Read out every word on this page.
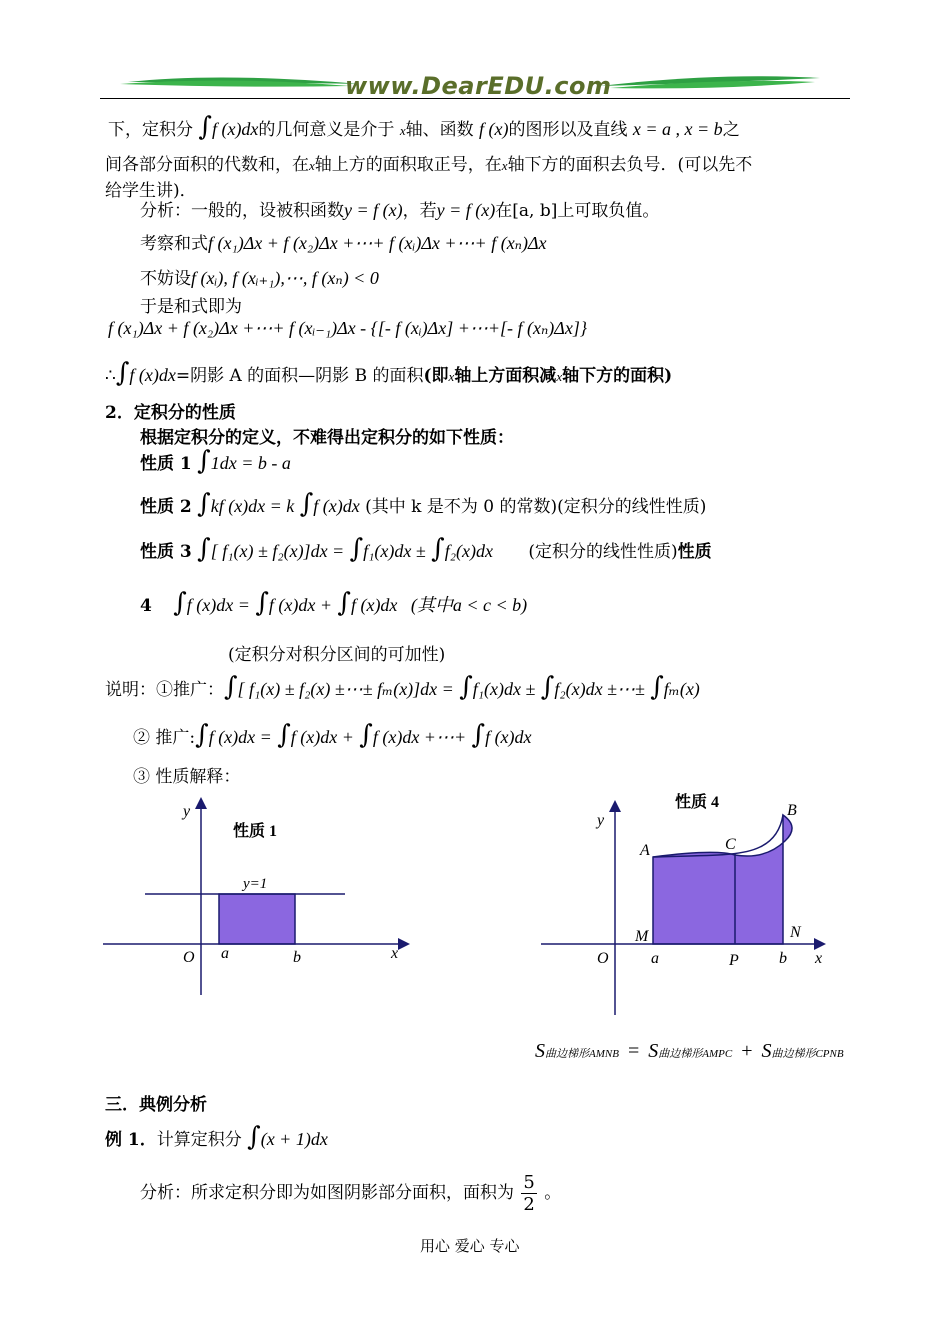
www.DearEDU.com
下，定积分 ∫f (x)dx的几何意义是介于 x轴、函数 f (x)的图形以及直线 x = a , x = b之
间各部分面积的代数和，在x轴上方的面积取正号，在x轴下方的面积去负号．(可以先不
给学生讲)．
分析：一般的，设被积函数y = f (x)，若y = f (x)在[a, b]上可取负值。
考察和式f (x₁)Δx + f (x₂)Δx +⋯+ f (xᵢ)Δx +⋯+ f (xₙ)Δx
不妨设f (xᵢ), f (xᵢ₊₁),⋯, f (xₙ) < 0
于是和式即为
f (x₁)Δx + f (x₂)Δx +⋯+ f (xᵢ₋₁)Δx - {[- f (xᵢ)Δx] +⋯+[- f (xₙ)Δx]}
∴∫f (x)dx=阴影 A 的面积—阴影 B 的面积(即x轴上方面积减x轴下方的面积)
2．定积分的性质
根据定积分的定义，不难得出定积分的如下性质：
性质 1 ∫1dx = b - a
性质 2 ∫kf (x)dx = k ∫f (x)dx (其中 k 是不为 0 的常数)(定积分的线性性质)
性质 3 ∫[ f₁(x) ± f₂(x)]dx = ∫f₁(x)dx ± ∫f₂(x)dx (定积分的线性性质)性质
4 ∫f (x)dx = ∫f (x)dx + ∫f (x)dx (其中a < c < b)
(定积分对积分区间的可加性)
说明：①推广：∫[ f₁(x) ± f₂(x) ±⋯± fₘ(x)]dx = ∫f₁(x)dx ± ∫f₂(x)dx ±⋯± ∫fₘ(x)
② 推广:∫f (x)dx = ∫f (x)dx + ∫f (x)dx +⋯+ ∫f (x)dx
③ 性质解释：
性质 1
y
x
O a	b
y=1
性质 4
y
x
O
A
B
C
M	N
a	P	b
S曲边梯形AMNB = S曲边梯形AMPC + S曲边梯形CPNB
三．典例分析
例 1．计算定积分 ∫(x + 1)dx
分析：所求定积分即为如图阴影部分面积，面积为 $\frac{5}{2}$ 。
用心 爱心 专心
